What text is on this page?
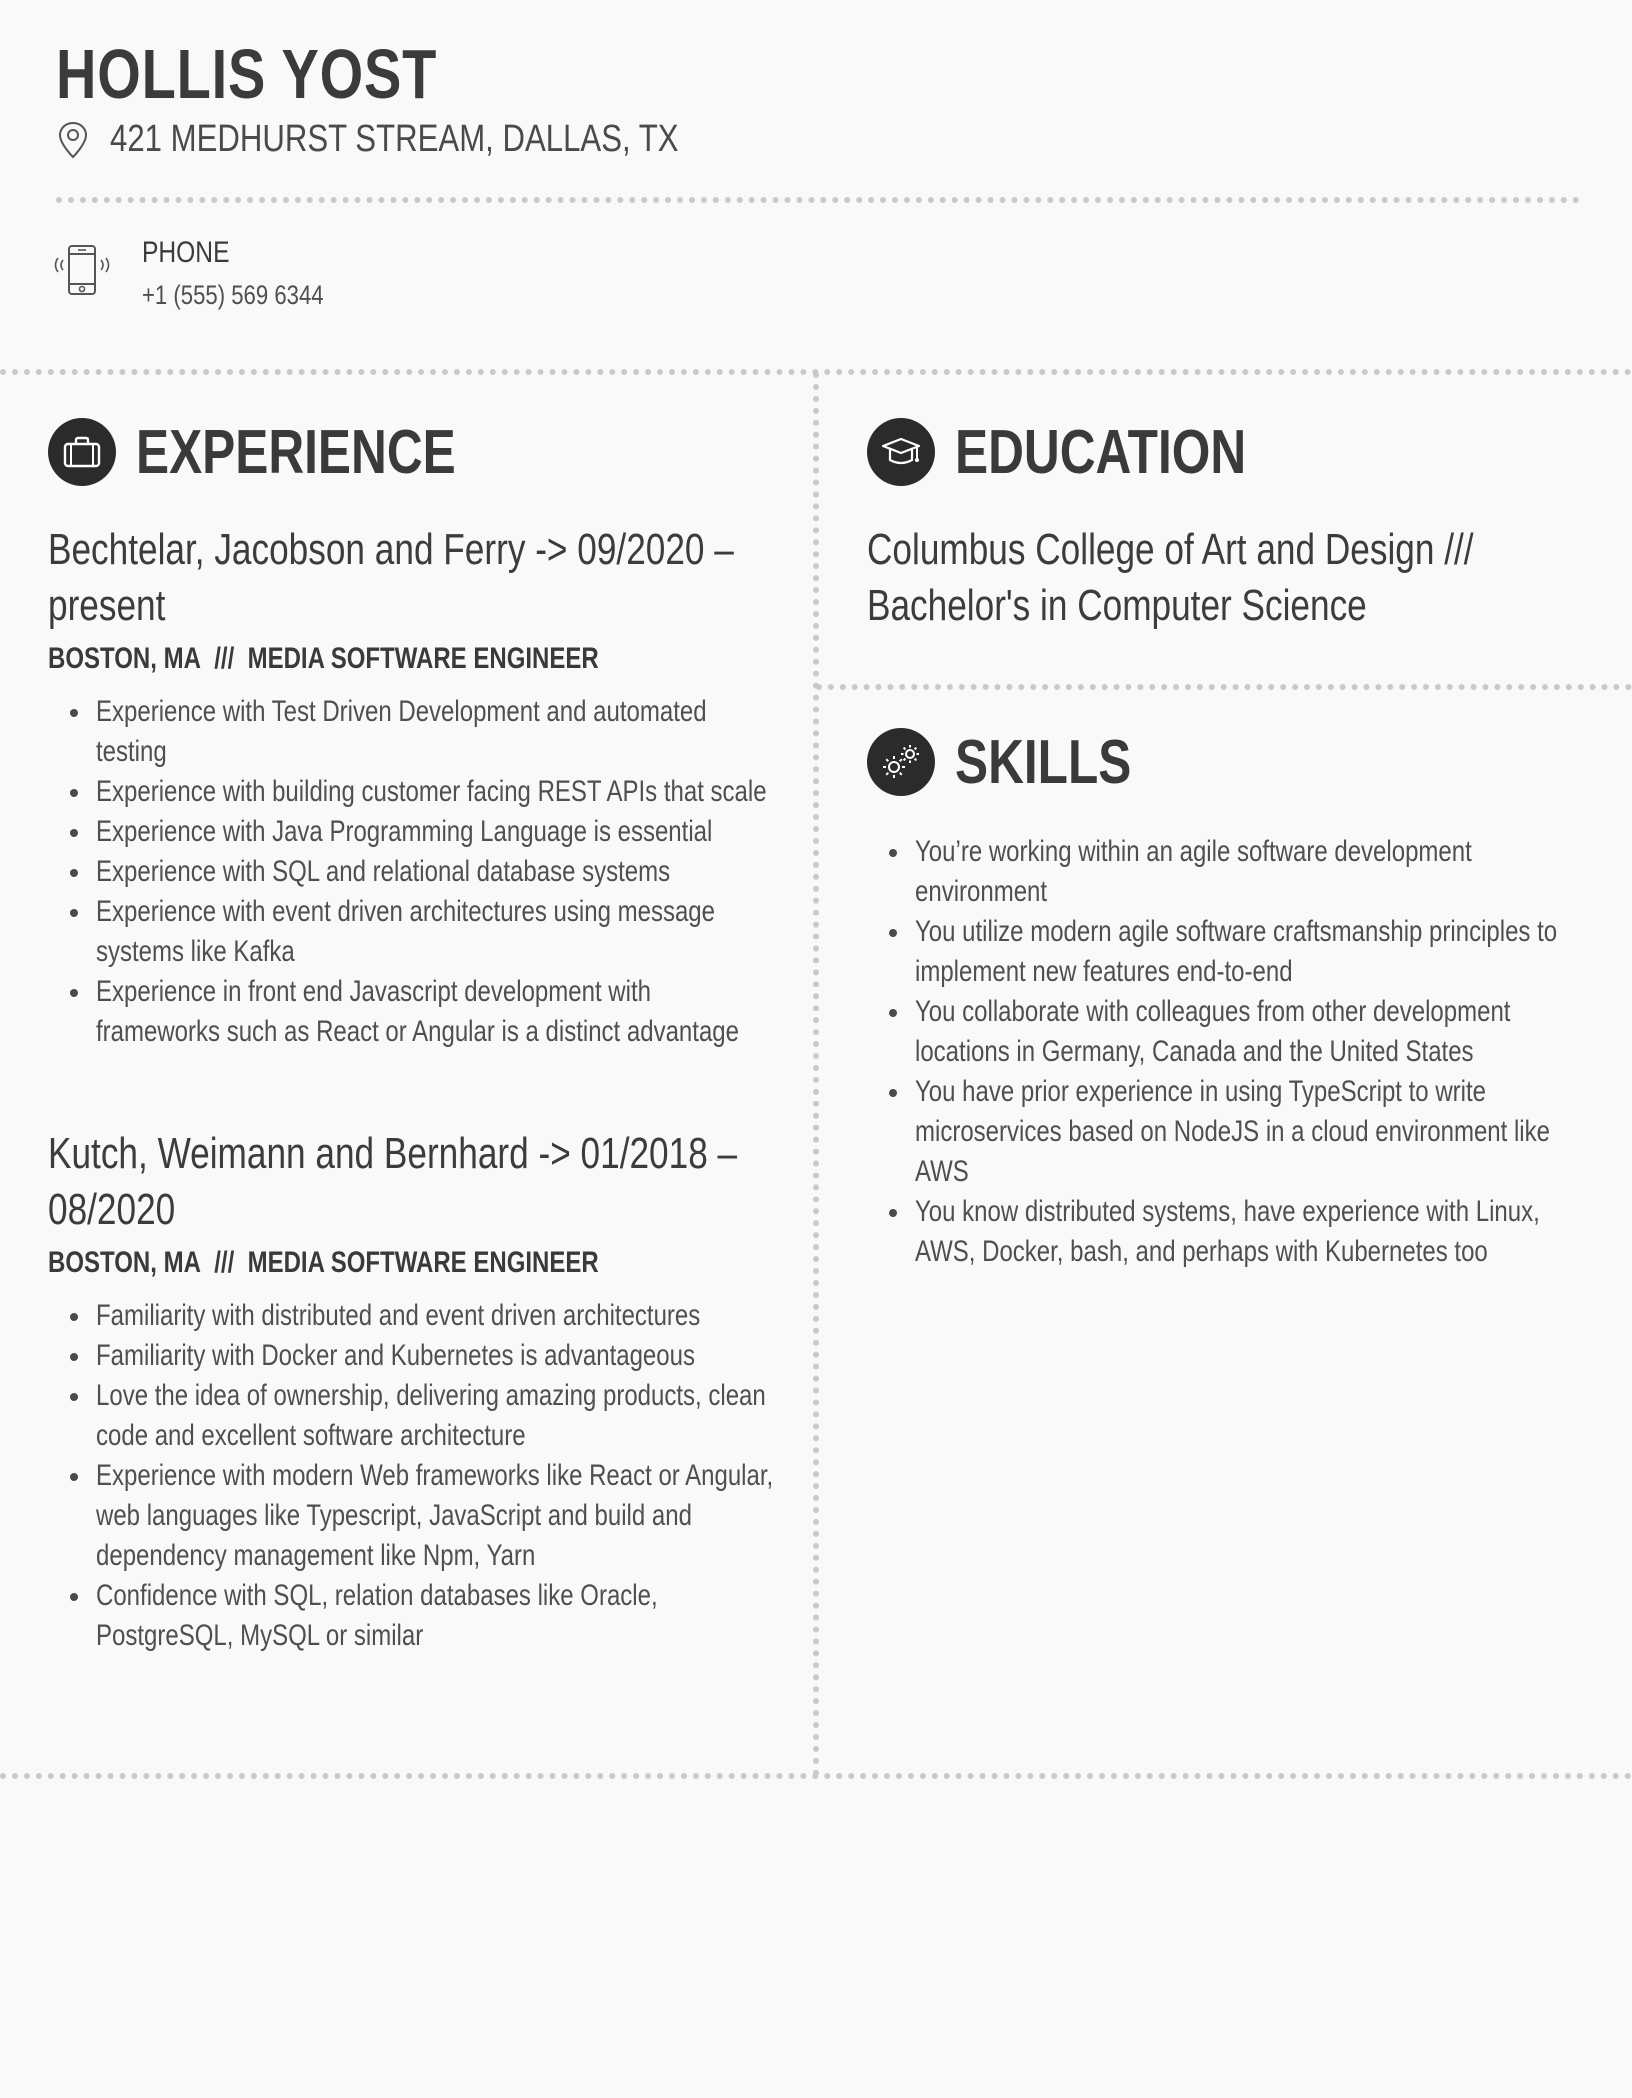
HOLLIS YOST
421 MEDHURST STREAM, DALLAS, TX
PHONE
+1 (555) 569 6344
EXPERIENCE
Bechtelar, Jacobson and Ferry -> 09/2020 – present
BOSTON, MA /// MEDIA SOFTWARE ENGINEER
Experience with Test Driven Development and automated testing
Experience with building customer facing REST APIs that scale
Experience with Java Programming Language is essential
Experience with SQL and relational database systems
Experience with event driven architectures using message systems like Kafka
Experience in front end Javascript development with frameworks such as React or Angular is a distinct advantage
Kutch, Weimann and Bernhard -> 01/2018 – 08/2020
BOSTON, MA /// MEDIA SOFTWARE ENGINEER
Familiarity with distributed and event driven architectures
Familiarity with Docker and Kubernetes is advantageous
Love the idea of ownership, delivering amazing products, clean code and excellent software architecture
Experience with modern Web frameworks like React or Angular, web languages like Typescript, JavaScript and build and dependency management like Npm, Yarn
Confidence with SQL, relation databases like Oracle, PostgreSQL, MySQL or similar
EDUCATION
Columbus College of Art and Design /// Bachelor's in Computer Science
SKILLS
You’re working within an agile software development environment
You utilize modern agile software craftsmanship principles to implement new features end-to-end
You collaborate with colleagues from other development locations in Germany, Canada and the United States
You have prior experience in using TypeScript to write microservices based on NodeJS in a cloud environment like AWS
You know distributed systems, have experience with Linux, AWS, Docker, bash, and perhaps with Kubernetes too
